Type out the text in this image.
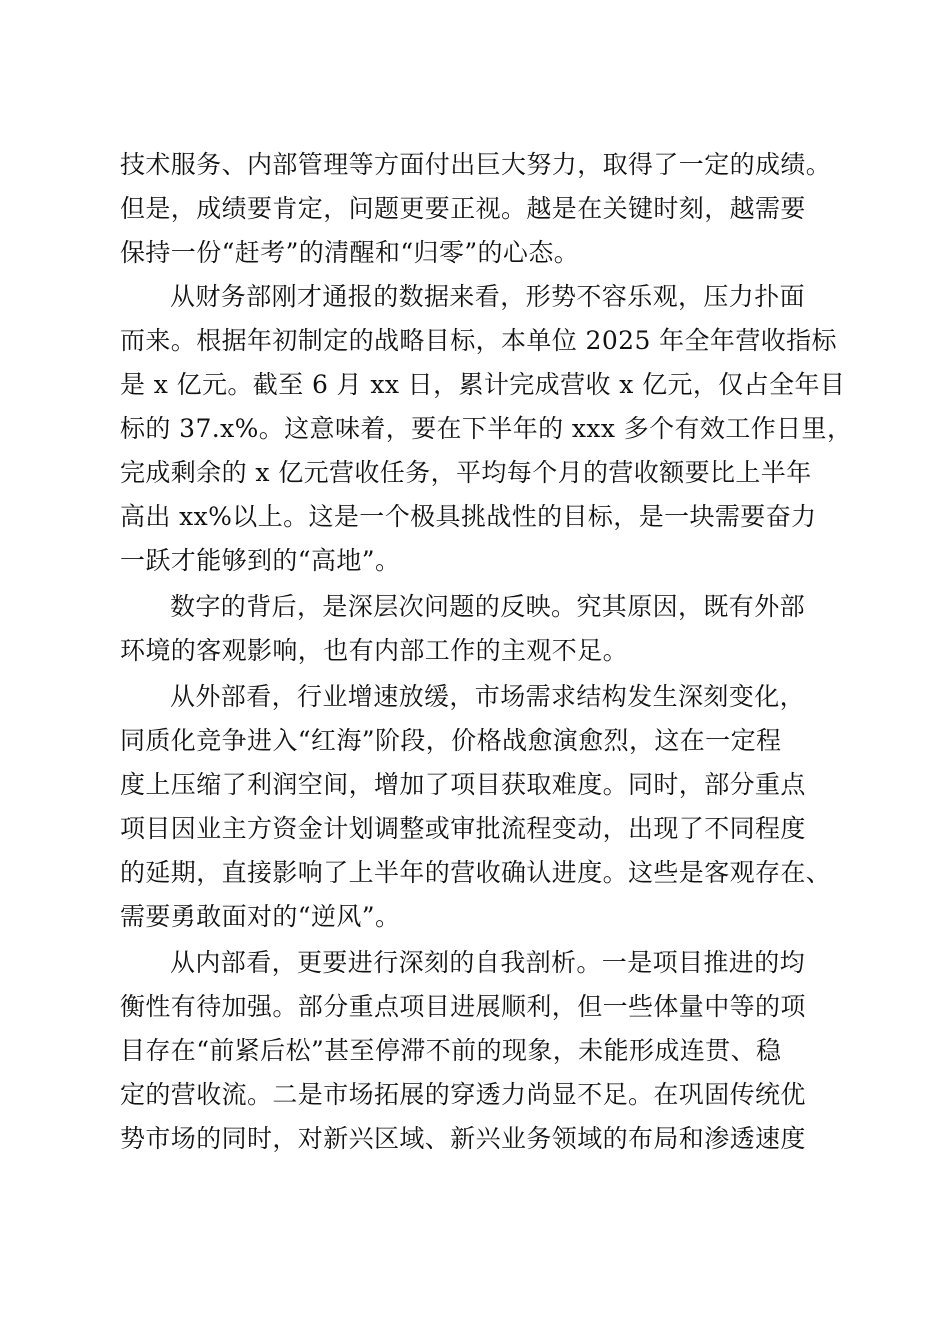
技术服务、内部管理等方面付出巨大努力，取得了一定的成绩。
但是，成绩要肯定，问题更要正视。越是在关键时刻，越需要
保持一份“赶考”的清醒和“归零”的心态。
从财务部刚才通报的数据来看，形势不容乐观，压力扑面
而来。根据年初制定的战略目标，本单位 2025 年全年营收指标
是 x 亿元。截至 6 月 xx 日，累计完成营收 x 亿元，仅占全年目
标的 37.x%。这意味着，要在下半年的 xxx 多个有效工作日里，
完成剩余的 x 亿元营收任务，平均每个月的营收额要比上半年
高出 xx%以上。这是一个极具挑战性的目标，是一块需要奋力
一跃才能够到的“高地”。
数字的背后，是深层次问题的反映。究其原因，既有外部
环境的客观影响，也有内部工作的主观不足。
从外部看，行业增速放缓，市场需求结构发生深刻变化，
同质化竞争进入“红海”阶段，价格战愈演愈烈，这在一定程
度上压缩了利润空间，增加了项目获取难度。同时，部分重点
项目因业主方资金计划调整或审批流程变动，出现了不同程度
的延期，直接影响了上半年的营收确认进度。这些是客观存在、
需要勇敢面对的“逆风”。
从内部看，更要进行深刻的自我剖析。一是项目推进的均
衡性有待加强。部分重点项目进展顺利，但一些体量中等的项
目存在“前紧后松”甚至停滞不前的现象，未能形成连贯、稳
定的营收流。二是市场拓展的穿透力尚显不足。在巩固传统优
势市场的同时，对新兴区域、新兴业务领域的布局和渗透速度
